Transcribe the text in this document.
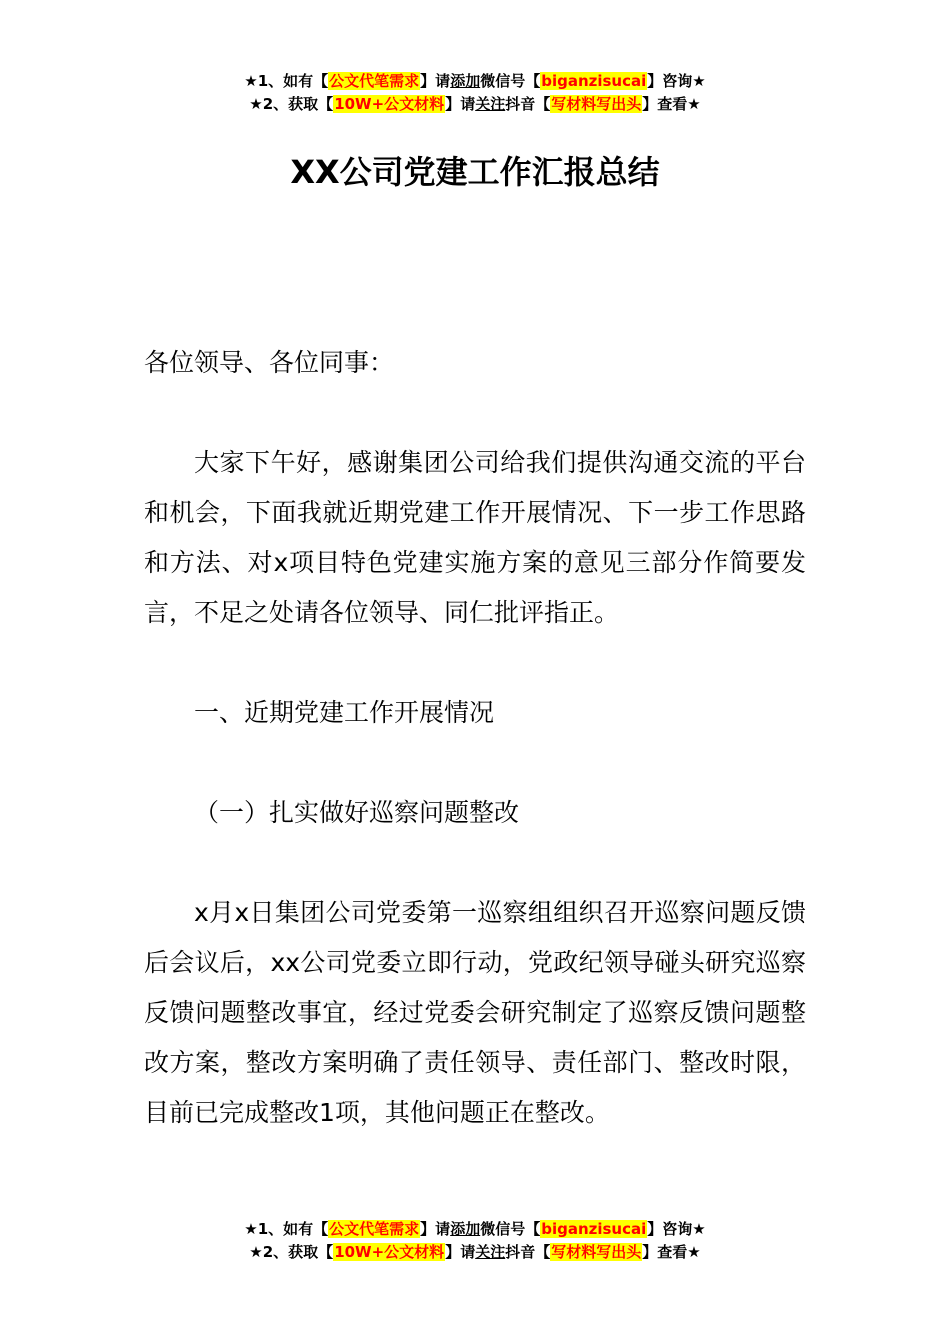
★1、如有【公文代笔需求】请添加微信号【biganzisucai】咨询★
★2、获取【10W+公文材料】请关注抖音【写材料写出头】查看★
XX公司党建工作汇报总结

各位领导、各位同事：

大家下午好，感谢集团公司给我们提供沟通交流的平台和机会，下面我就近期党建工作开展情况、下一步工作思路和方法、对x项目特色党建实施方案的意见三部分作简要发言，不足之处请各位领导、同仁批评指正。

一、近期党建工作开展情况

（一）扎实做好巡察问题整改

x月x日集团公司党委第一巡察组组织召开巡察问题反馈后会议后，xx公司党委立即行动，党政纪领导碰头研究巡察反馈问题整改事宜，经过党委会研究制定了巡察反馈问题整改方案，整改方案明确了责任领导、责任部门、整改时限，目前已完成整改1项，其他问题正在整改。

★1、如有【公文代笔需求】请添加微信号【biganzisucai】咨询★
★2、获取【10W+公文材料】请关注抖音【写材料写出头】查看★
